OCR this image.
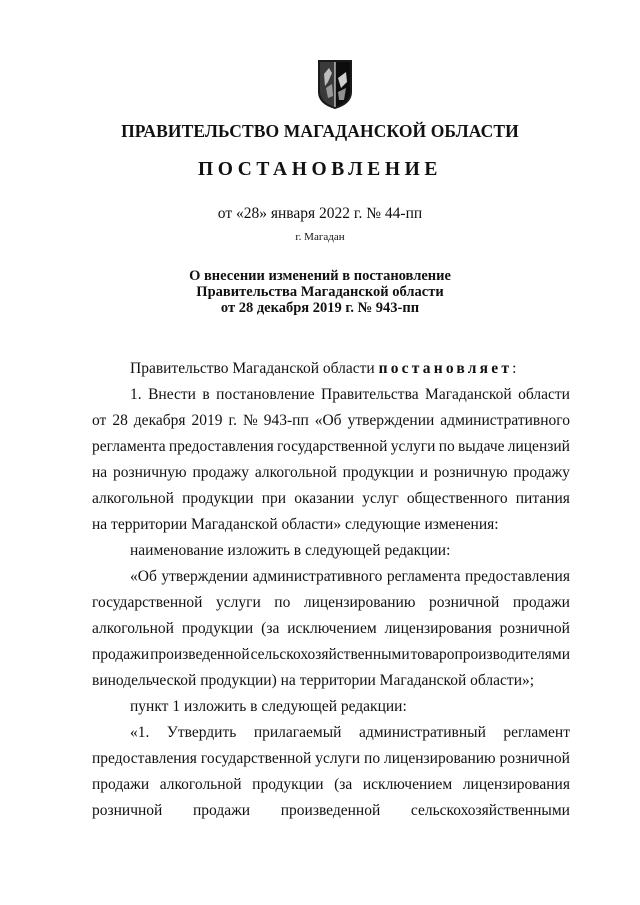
ПРАВИТЕЛЬСТВО МАГАДАНСКОЙ ОБЛАСТИ
ПОСТАНОВЛЕНИЕ
от «28» января 2022 г. № 44-пп
г. Магадан
О внесении изменений в постановление
Правительства Магаданской области
от 28 декабря 2019 г. № 943-пп
Правительство Магаданской области постановляет:
1. Внести в постановление Правительства Магаданской области
от 28 декабря 2019 г. № 943-пп «Об утверждении административного
регламента предоставления государственной услуги по выдаче лицензий
на розничную продажу алкогольной продукции и розничную продажу
алкогольной продукции при оказании услуг общественного питания
на территории Магаданской области» следующие изменения:
наименование изложить в следующей редакции:
«Об утверждении административного регламента предоставления
государственной услуги по лицензированию розничной продажи
алкогольной продукции (за исключением лицензирования розничной
продажи произведенной сельскохозяйственными товаропроизводителями
винодельческой продукции) на территории Магаданской области»;
пункт 1 изложить в следующей редакции:
«1. Утвердить прилагаемый административный регламент
предоставления государственной услуги по лицензированию розничной
продажи алкогольной продукции (за исключением лицензирования
розничной продажи произведенной сельскохозяйственными
